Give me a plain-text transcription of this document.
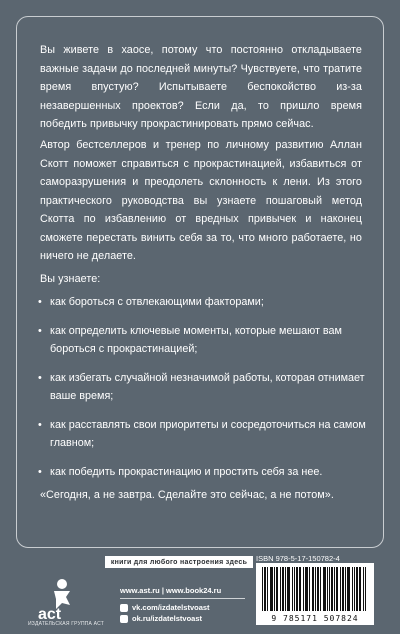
Вы живете в хаосе, потому что постоянно откладываете важные задачи до последней минуты? Чувствуете, что тратите время впустую? Испытываете беспокойство из-за незавершенных проектов? Если да, то пришло время победить привычку прокрастинировать прямо сейчас.
Автор бестселлеров и тренер по личному развитию Аллан Скотт поможет справиться с прокрастинацией, избавиться от саморазрушения и преодолеть склонность к лени. Из этого практического руководства вы узнаете пошаговый метод Скотта по избавлению от вредных привычек и наконец сможете перестать винить себя за то, что много работаете, но ничего не делаете.
Вы узнаете:
• как бороться с отвлекающими факторами;
• как определить ключевые моменты, которые мешают вам бороться с прокрастинацией;
• как избегать случайной незначимой работы, которая отнимает ваше время;
• как расставлять свои приоритеты и сосредоточиться на самом главном;
• как победить прокрастинацию и простить себя за нее.
«Сегодня, а не завтра. Сделайте это сейчас, а не потом».
книги для любого настроения здесь
act
ИЗДАТЕЛЬСКАЯ ГРУППА АСТ
www.ast.ru | www.book24.ru
vk.com/izdatelstvoast
ok.ru/izdatelstvoast
ISBN 978-5-17-150782-4
9 785171 507824
